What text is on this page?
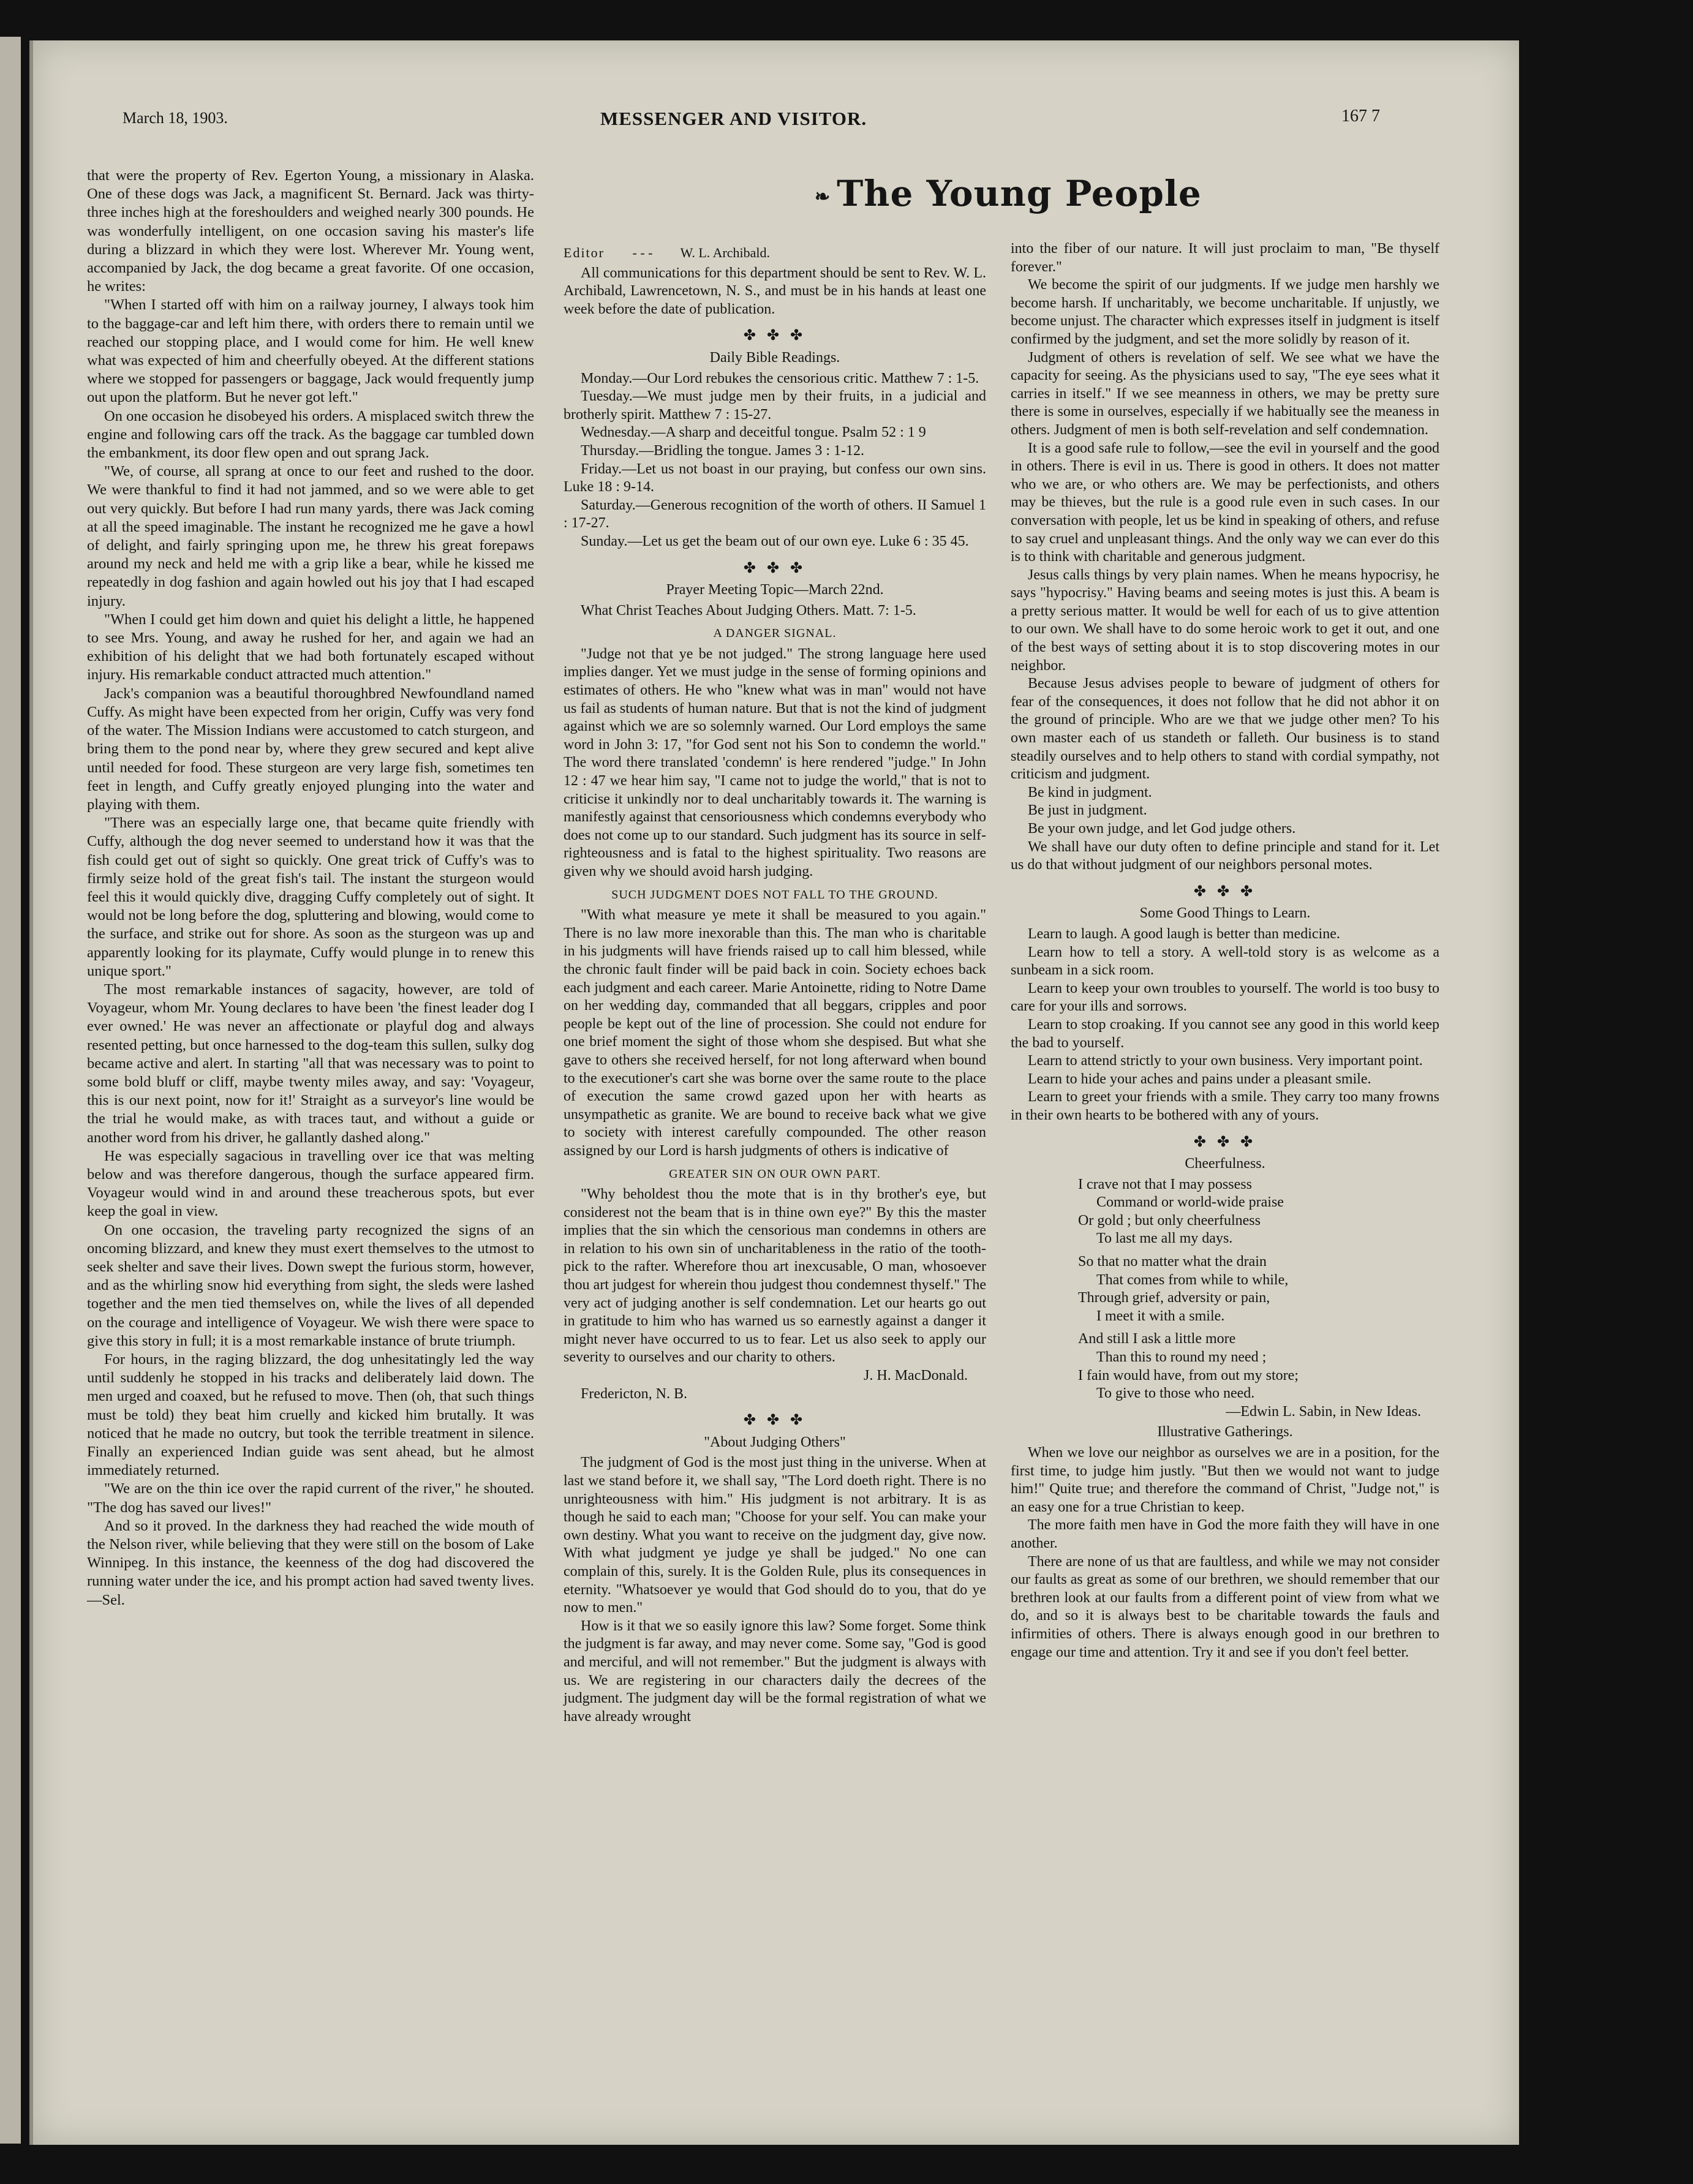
March 18, 1903.	MESSENGER AND VISITOR.	167 7
❧ The Young People

that were the property of Rev. Egerton Young, a missionary in Alaska. One of these dogs was Jack, a magnificent St. Bernard. Jack was thirty-three inches high at the foreshoulders and weighed nearly 300 pounds. He was wonderfully intelligent, on one occasion saving his master's life during a blizzard in which they were lost. Wherever Mr. Young went, accompanied by Jack, the dog became a great favorite. Of one occasion, he writes:

"When I started off with him on a railway journey, I always took him to the baggage-car and left him there, with orders there to remain until we reached our stopping place, and I would come for him. He well knew what was expected of him and cheerfully obeyed. At the different stations where we stopped for passengers or baggage, Jack would frequently jump out upon the platform. But he never got left."

On one occasion he disobeyed his orders. A misplaced switch threw the engine and following cars off the track. As the baggage car tumbled down the embankment, its door flew open and out sprang Jack.

"We, of course, all sprang at once to our feet and rushed to the door. We were thankful to find it had not jammed, and so we were able to get out very quickly. But before I had run many yards, there was Jack coming at all the speed imaginable. The instant he recognized me he gave a howl of delight, and fairly springing upon me, he threw his great forepaws around my neck and held me with a grip like a bear, while he kissed me repeatedly in dog fashion and again howled out his joy that I had escaped injury.

"When I could get him down and quiet his delight a little, he happened to see Mrs. Young, and away he rushed for her, and again we had an exhibition of his delight that we had both fortunately escaped without injury. His remarkable conduct attracted much attention."

Jack's companion was a beautiful thoroughbred Newfoundland named Cuffy. As might have been expected from her origin, Cuffy was very fond of the water. The Mission Indians were accustomed to catch sturgeon, and bring them to the pond near by, where they grew secured and kept alive until needed for food. These sturgeon are very large fish, sometimes ten feet in length, and Cuffy greatly enjoyed plunging into the water and playing with them.

"There was an especially large one, that became quite friendly with Cuffy, although the dog never seemed to understand how it was that the fish could get out of sight so quickly. One great trick of Cuffy's was to firmly seize hold of the great fish's tail. The instant the sturgeon would feel this it would quickly dive, dragging Cuffy completely out of sight. It would not be long before the dog, spluttering and blowing, would come to the surface, and strike out for shore. As soon as the sturgeon was up and apparently looking for its playmate, Cuffy would plunge in to renew this unique sport."

The most remarkable instances of sagacity, however, are told of Voyageur, whom Mr. Young declares to have been 'the finest leader dog I ever owned.' He was never an affectionate or playful dog and always resented petting, but once harnessed to the dog-team this sullen, sulky dog became active and alert. In starting "all that was necessary was to point to some bold bluff or cliff, maybe twenty miles away, and say: 'Voyageur, this is our next point, now for it!' Straight as a surveyor's line would be the trial he would make, as with traces taut, and without a guide or another word from his driver, he gallantly dashed along."

He was especially sagacious in travelling over ice that was melting below and was therefore dangerous, though the surface appeared firm. Voyageur would wind in and around these treacherous spots, but ever keep the goal in view.

On one occasion, the traveling party recognized the signs of an oncoming blizzard, and knew they must exert themselves to the utmost to seek shelter and save their lives. Down swept the furious storm, however, and as the whirling snow hid everything from sight, the sleds were lashed together and the men tied themselves on, while the lives of all depended on the courage and intelligence of Voyageur. We wish there were space to give this story in full; it is a most remarkable instance of brute triumph.

For hours, in the raging blizzard, the dog unhesitatingly led the way until suddenly he stopped in his tracks and deliberately laid down. The men urged and coaxed, but he refused to move. Then (oh, that such things must be told) they beat him cruelly and kicked him brutally. It was noticed that he made no outcry, but took the terrible treatment in silence. Finally an experienced Indian guide was sent ahead, but he almost immediately returned.

"We are on the thin ice over the rapid current of the river," he shouted. "The dog has saved our lives!"

And so it proved. In the darkness they had reached the wide mouth of the Nelson river, while believing that they were still on the bosom of Lake Winnipeg. In this instance, the keenness of the dog had discovered the running water under the ice, and his prompt action had saved twenty lives.—Sel.

Editor - - - W. L. Archibald.

All communications for this department should be sent to Rev. W. L. Archibald, Lawrencetown, N. S., and must be in his hands at least one week before the date of publication.

✤ ✤ ✤

Daily Bible Readings.

Monday.—Our Lord rebukes the censorious critic. Matthew 7 : 1-5.

Tuesday.—We must judge men by their fruits, in a judicial and brotherly spirit. Matthew 7 : 15-27.

Wednesday.—A sharp and deceitful tongue. Psalm 52 : 1 9

Thursday.—Bridling the tongue. James 3 : 1-12.

Friday.—Let us not boast in our praying, but confess our own sins. Luke 18 : 9-14.

Saturday.—Generous recognition of the worth of others. II Samuel 1 : 17-27.

Sunday.—Let us get the beam out of our own eye. Luke 6 : 35 45.

✤ ✤ ✤

Prayer Meeting Topic—March 22nd.

What Christ Teaches About Judging Others. Matt. 7: 1-5.

A DANGER SIGNAL.

"Judge not that ye be not judged." The strong language here used implies danger. Yet we must judge in the sense of forming opinions and estimates of others. He who "knew what was in man" would not have us fail as students of human nature. But that is not the kind of judgment against which we are so solemnly warned. Our Lord employs the same word in John 3: 17, "for God sent not his Son to condemn the world." The word there translated 'condemn' is here rendered "judge." In John 12 : 47 we hear him say, "I came not to judge the world," that is not to criticise it unkindly nor to deal uncharitably towards it. The warning is manifestly against that censoriousness which condemns everybody who does not come up to our standard. Such judgment has its source in self-righteousness and is fatal to the highest spirituality. Two reasons are given why we should avoid harsh judging.

SUCH JUDGMENT DOES NOT FALL TO THE GROUND.

"With what measure ye mete it shall be measured to you again." There is no law more inexorable than this. The man who is charitable in his judgments will have friends raised up to call him blessed, while the chronic fault finder will be paid back in coin. Society echoes back each judgment and each career. Marie Antoinette, riding to Notre Dame on her wedding day, commanded that all beggars, cripples and poor people be kept out of the line of procession. She could not endure for one brief moment the sight of those whom she despised. But what she gave to others she received herself, for not long afterward when bound to the executioner's cart she was borne over the same route to the place of execution the same crowd gazed upon her with hearts as unsympathetic as granite. We are bound to receive back what we give to society with interest carefully compounded. The other reason assigned by our Lord is harsh judgments of others is indicative of

GREATER SIN ON OUR OWN PART.

"Why beholdest thou the mote that is in thy brother's eye, but considerest not the beam that is in thine own eye?" By this the master implies that the sin which the censorious man condemns in others are in relation to his own sin of uncharitableness in the ratio of the tooth-pick to the rafter. Wherefore thou art inexcusable, O man, whosoever thou art judgest for wherein thou judgest thou condemnest thyself." The very act of judging another is self condemnation. Let our hearts go out in gratitude to him who has warned us so earnestly against a danger it might never have occurred to us to fear. Let us also seek to apply our severity to ourselves and our charity to others.

J. H. MacDonald.

Fredericton, N. B.

✤ ✤ ✤

"About Judging Others"

The judgment of God is the most just thing in the universe. When at last we stand before it, we shall say, "The Lord doeth right. There is no unrighteousness with him." His judgment is not arbitrary. It is as though he said to each man; "Choose for your self. You can make your own destiny. What you want to receive on the judgment day, give now. With what judgment ye judge ye shall be judged." No one can complain of this, surely. It is the Golden Rule, plus its consequences in eternity. "Whatsoever ye would that God should do to you, that do ye now to men."

How is it that we so easily ignore this law? Some forget. Some think the judgment is far away, and may never come. Some say, "God is good and merciful, and will not remember." But the judgment is always with us. We are registering in our characters daily the decrees of the judgment. The judgment day will be the formal registration of what we have already wrought

into the fiber of our nature. It will just proclaim to man, "Be thyself forever."

We become the spirit of our judgments. If we judge men harshly we become harsh. If uncharitably, we become uncharitable. If unjustly, we become unjust. The character which expresses itself in judgment is itself confirmed by the judgment, and set the more solidly by reason of it.

Judgment of others is revelation of self. We see what we have the capacity for seeing. As the physicians used to say, "The eye sees what it carries in itself." If we see meanness in others, we may be pretty sure there is some in ourselves, especially if we habitually see the meaness in others. Judgment of men is both self-revelation and self condemnation.

It is a good safe rule to follow,—see the evil in yourself and the good in others. There is evil in us. There is good in others. It does not matter who we are, or who others are. We may be perfectionists, and others may be thieves, but the rule is a good rule even in such cases. In our conversation with people, let us be kind in speaking of others, and refuse to say cruel and unpleasant things. And the only way we can ever do this is to think with charitable and generous judgment.

Jesus calls things by very plain names. When he means hypocrisy, he says "hypocrisy." Having beams and seeing motes is just this. A beam is a pretty serious matter. It would be well for each of us to give attention to our own. We shall have to do some heroic work to get it out, and one of the best ways of setting about it is to stop discovering motes in our neighbor.

Because Jesus advises people to beware of judgment of others for fear of the consequences, it does not follow that he did not abhor it on the ground of principle. Who are we that we judge other men? To his own master each of us standeth or falleth. Our business is to stand steadily ourselves and to help others to stand with cordial sympathy, not criticism and judgment.

Be kind in judgment.

Be just in judgment.

Be your own judge, and let God judge others.

We shall have our duty often to define principle and stand for it. Let us do that without judgment of our neighbors personal motes.

✤ ✤ ✤

Some Good Things to Learn.

Learn to laugh. A good laugh is better than medicine.

Learn how to tell a story. A well-told story is as welcome as a sunbeam in a sick room.

Learn to keep your own troubles to yourself. The world is too busy to care for your ills and sorrows.

Learn to stop croaking. If you cannot see any good in this world keep the bad to yourself.

Learn to attend strictly to your own business. Very important point.

Learn to hide your aches and pains under a pleasant smile.

Learn to greet your friends with a smile. They carry too many frowns in their own hearts to be bothered with any of yours.

✤ ✤ ✤

Cheerfulness.

I crave not that I may possess
Command or world-wide praise
Or gold ; but only cheerfulness
To last me all my days.
So that no matter what the drain
That comes from while to while,
Through grief, adversity or pain,
I meet it with a smile.
And still I ask a little more
Than this to round my need ;
I fain would have, from out my store;
To give to those who need.

—Edwin L. Sabin, in New Ideas.

Illustrative Gatherings.

When we love our neighbor as ourselves we are in a position, for the first time, to judge him justly. "But then we would not want to judge him!" Quite true; and therefore the command of Christ, "Judge not," is an easy one for a true Christian to keep.

The more faith men have in God the more faith they will have in one another.

There are none of us that are faultless, and while we may not consider our faults as great as some of our brethren, we should remember that our brethren look at our faults from a different point of view from what we do, and so it is always best to be charitable towards the fauls and infirmities of others. There is always enough good in our brethren to engage our time and attention. Try it and see if you don't feel better.
